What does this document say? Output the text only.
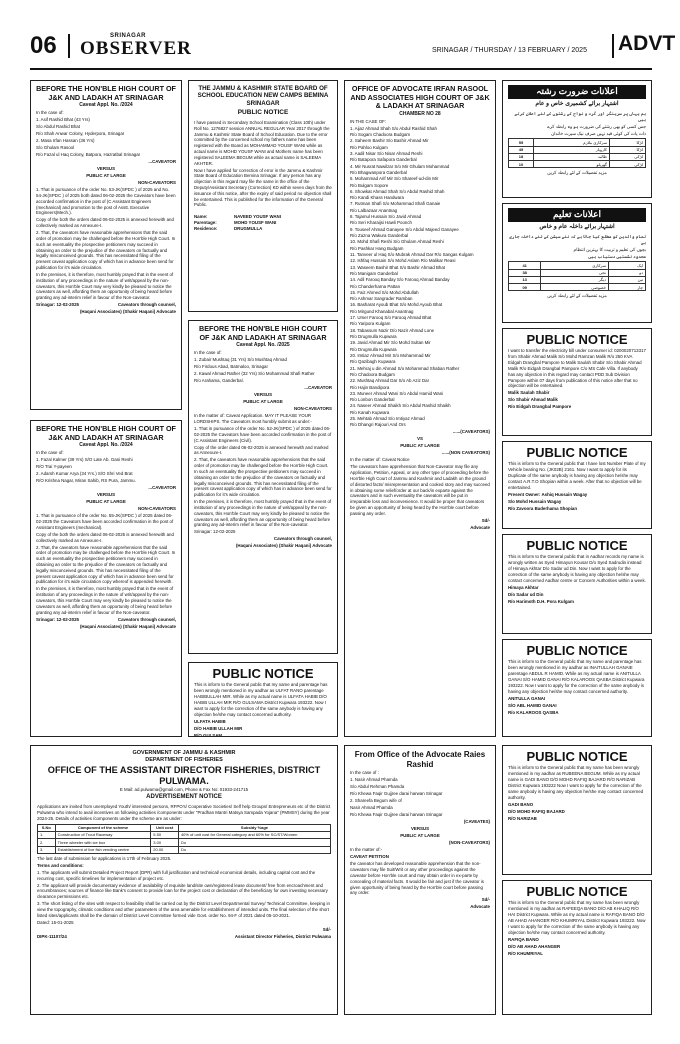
06	SRINAGAR
OBSERVER	SRINAGAR / THURSDAY / 13 FEBRUARY / 2025 ADVT
BEFORE THE HON'BLE HIGH COURT OF J&K AND LADAKH AT SRINAGAR
Caveat Appl. No. /2024

In the case of:

1. Asif Rashid Bhat (43 Yrs)

S/o Abdul Rashid Bhat

R/o Shah Anwar Colony, Hyderpora, Srinagar

2. Masa Irfan Hassan (36 Yrs)

S/o Ghulam Rasool

R/o Fazal ul Haq Colony, Batpora, Hazratbal Srinagar

...CAVEATOR

VERSUS

PUBLIC AT LARGE

NON-CAVEATORS

1. That in pursuance of the order No. 53-JK(SPDC ) of 2025 and No. 54-JK(SPDC ) of 2025 both dated 06-02-2025 the Caveators have been accorded confirmation in the post of (C Assistant Engineers (mechanical) and promotion to the post of Asstt. Executive Engineers(Mech.).

Copy of the both the orders dated 06-02-2025 is annexed herewith and collectively marked as Annexure-I.

2. That, the caveators have reasonable apprehensions that the said order of promotion may be challenged before the Hon'ble High Court. In such an eventuality the prospective petitioners may succeed in obtaining an order to the prejudice of the caveators on factually and legally misconceived grounds. This has necessitated filing of the present caveat application copy of which has in advance been send for publication for it's wide circulation.

In the premises, it is therefore, most humbly prayed that in the event of institution of any proceedings in the nature of writ/appeal by the non-caveators, this Hon'ble Court may very kindly be pleased to notice the caveators as well, affording them an opportunity of being heard before granting any ad-interim relief in favour of the Non-caveator.

Srinagar: 12-02-2025	Caveators through counsel,

(Haqani Associates) (Shakir Haqani) Advocate

BEFORE THE HON'BLE HIGH COURT OF J&K AND LADAKH AT SRINAGAR
Caveat Appl. No. /2024

In the case of:

1. Fazal Kalmer (39 Yrs) S/O Late Ab. Gani Reshi

R/O Trai Y-payeen

2. Adarsh Kumar Arya (34 Yrs.) S/O Shri Ved Brat

R/O Krishna Nagar, Miran Sahib, RS Pura, Jammu.

...CAVEATOR

VERSUS

PUBLIC AT LARGE

NON-CAVEATORS

1. That in pursuance of the order No. 55-JK(SPDC ) of 2025 dated 06-02-2025 the Caveators have been accorded confirmation in the post of Assistant Engineers (mechanical).

Copy of the both the orders dated 06-02-2025 is annexed herewith and collectively marked as Annexure-I.

2. That, the caveators have reasonable apprehensions that the said order of promotion may be challenged before the Hon'ble High Court. In such an eventuality the prospective petitioners may succeed in obtaining an order to the prejudice of the caveators on factually and legally misconceived grounds. This has necessitated filing of the present caveat application copy of which has in advance been send for publication for it's wide circulation copy whereof is appended herewith.

In the premises, it is therefore, most humbly prayed that in the event of institution of any proceedings in the nature of writ/appeal by the non-caveators, this Hon'ble Court may very kindly be pleased to notice the caveators as well, affording them an opportunity of being heard before granting any ad-interim relief in favour of the Non-caveator.

Srinagar: 12-02-2025	Caveators through counsel,

(Haqani Associates) (Shakir Haqani) Advocate

THE JAMMU & KASHMIR STATE BOARD OF SCHOOL EDUCATION NEW CAMPS BEMINA SRINAGAR
PUBLIC NOTICE

I have passed in Secondary School Examination (Class 10th) under Roll No. 1276827 session ANNUAL REGULAR Year 2017 through the Jammu & Kashmir State Board of School Education. Due to the error committed by the concerned school my fathers name has been registered with the Board as MOHAMMAD YOUSF WANI while as actual name is MOHD YOUSF WANI and Mothers name has been registered SALEEMA BEGUM while as actual name is SALEEMA AKHTER.

Now I have applied for correction of error in the Jammu & Kashmir State Board of Education Bemina Srinagar. If any person has any objection in this regard may file the same in the office of the Deputy/Assistant Secretary (Correction) KD within seven days from the issuance of this notice, after the expiry of said period no objection shall be entertained. This is published for the information of the General Public.

Name:	NAVEED YOUSF WANI
Parentage:	MOHD YOUSF WANI
Residence:	DRUGMULLA
BEFORE THE HON'BLE HIGH COURT OF J&K AND LADAKH AT SRINAGAR
Caveat Appl. No. /2025

In the case of:

1. Zubair Mushtaq (31 Yrs) S/o Mushtaq Ahmad

R/o Firdous Abad, Batmaloo, Srinagar

2. Kawal Ahmad Rather (32 Yrs) S/o Mohammad Shafi Rather

R/o Arahama, Ganderbal.

...CAVEATOR

VERSUS

PUBLIC AT LARGE

NON-CAVEATORS

In the matter of: Caveat Application. MAY IT PLEASE YOUR LORDSHIPS. The Caveators most humbly submit as under:-

1. That in pursuance of the order No. 52-JK(SPDC ) of 2025 dated 06-02-2025 the Caveators have been accorded confirmation in the post of (C Assistant Engineers (Civil).

Copy of the order dated 06-02-2025 is annexed herewith and marked as Annexure-I.

2. That, the caveators have reasonable apprehensions that the said order of promotion may be challenged before the Hon'ble High Court. In such an eventuality the prospective petitioners may succeed in obtaining an order to the prejudice of the caveators on factually and legally misconceived grounds. This has necessitated filing of the present caveat application copy of which has in advance been send for publication for it's wide circulation.

In the premises, it is therefore, most humbly prayed that in the event of institution of any proceedings in the nature of writ/appeal by the non-caveators, this Hon'ble Court may very kindly be pleased to notice the caveators as well, affording them an opportunity of being heard before granting any ad-interim relief in favour of the Non-caveator.

Srinagar: 12-02-2025

Caveators through counsel,

(Haqani Associates) (Shakir Haqani) Advocate

PUBLIC NOTICE

This is inform to the General public that my name and parentage has been wrongly mentioned in my aadhar as ULFAT RANO parentage HABIBULLAH MIR. While as my actual name is ULFATA HABIB D/O HABIB ULLAH MIR R/O GULSAMA District Kupwara 193222. Now I want to apply for the correction of the same anybody is having any objection he/she may contact concerned authority.

ULFATA HABIB

D/O HABIB ULLAH MIR

R/O GULSAM

OFFICE OF ADVOCATE IRFAN RASOOL AND ASSOCIATES HIGH COURT OF J&K & LADAKH AT SRINAGAR
CHAMBER NO 28

IN THE CASE OF:

1. Aijaz Ahmad Shah S/o Abdul Rashid Shah

R/o Sogam Chadoora Budgam

2. Saheem Bashir S/o Bashir Ahmad Mir

R/o Pahloo Kulgam

3. Aadil Nisar S/o Nisar Ahmad Reshi

R/o Batapora Safapora Ganderbal

4. Mir Nusrat Nawilzar S/o Mir Ghulam Mohammad

R/o Bhagwanpora Ganderbal

5. Mohammad Arif Mir S/o Shareef-ud-din Mir

R/o Bulgam Sopore

6. Showkat Ahmad Shah S/o Abdul Rashid Shah

R/o Kandi Khass Handwara

7. Rutman Shafi S/o Mohammad Shafi Ganaie

R/o Lalbazaar Anantnag

8. Tajamul Hussain S/o Javid Ahmad

R/o Seri Kharaijsi Hawli Poonch

9. Touseef Ahmad Ganayee S/o Abdul Majeed Ganayee

R/o Zazna Wakura Ganderbal

10. Mohd Shafi Reshi S/o Ghulam Ahmad Reshi

R/o Pashkar Hang Budgam

11. Tanveer ul Haq S/o Mubrak Ahmad Dar R/o Sangas Kulgam

12. Ishfaq Hussain S/o Mohd Aslam R/o Malikar Reasi

13. Waseem Bashir Bhat S/o Bashir Ahmad Bhat

R/o Manigam Ganderbal

14. Adil Farooq Banday S/o Farooq Ahmad Banday

R/o Chanderharna Pattan

15. Faiz Ahmed S/o Mohd Abdullah

R/o Ashmar Sangrader Ramban

16. Basharat Ayoub Bhat S/o Mohd Ayoub Bhat

R/o Mirgund Khanabal Anantnag

17. Umer Farooq S/o Farooq Ahmad Bhat

R/o Yaripora Kulgam

18. Tabassum Nazir D/o Nazir Ahmad Lone

R/o Drugmulla Kupwara

19. Javid Ahmad Mir S/o Mohd Sultan Mir

R/o Drugmulla Kupwara

20. Imtiaz Ahmad Mir S/o Mohammad Mir

R/o Qazibagh Kupwara

21. Mehraj u din Ahmad S/o Mohammad Shaban Rather

R/o Chadoora Budgam

22. Mushtaq Ahmad Dar S/o Ab Aziz Dar

R/o Hajin Bandipora

23. Muneer Ahmad Wani S/o Abdul Hamid Wani

R/o Lonbon Ganderbal

24. Naseer Ahmad Shaikh S/o Abdul Rashid Shaikh

R/o Kanah Kupwara

25. Mehtab Ahmad S/o Imtiyaz Ahmad

R/o Dhangri Rajouri And Ors

......(CAVEATORS)

VS

PUBLIC AT LARGE

......(NON CAVEATORS)

In the matter of: Caveat Notice

The caveators have apprehension that Non-Caveator may file any Application, Petition, Appeal, or any other type of proceeding before the Hon'ble High Court of Jammu and Kashmir and Ladakh on the ground of distorted facts/ misrepresentation and cooked story and may succeed in obtaining some relief/order at our back/in exparte against the caveators and in such eventuality the caveators will be put in irreparable loss and inconvenience. It would be proper that caveators be given an opportunity of being heard by the Hon'ble court before passing any order.

Sd/-

Advocate

From Office of the Advocate Raies Rashid

In the case of :

1. Nasir Ahmad Phamda

S/o Abdul Rehman Phamda

R/o Khewa Faqir Gujjree darai harwan Srinagar

2. Shareefa Begum wife of

Nasir Ahmad Phamda

R/o Khewa Faqir Gujjree darai harwan Srinagar

(CAVEATES)

VERSUS

PUBLIC AT LARGE

(NON-CAVEATORS)

In the matter of:-

CAVEAT PETITION

the caveator has developed reasonable apprehension that the non-caveators may file Suit/Writ or any other proceedings against the caveator before Hon'ble court and may obtain order in ex-parte by concealing of material facts. It would be fair and just if the caveator is given opportunity of being heard by the Hon'ble court before passing any order.

Sd/-

Advocate

اعلانات ضرورت رشتہ
اشتہار برائے کشمیری خاص و عام

ہم یہاں پر سرینگر اور گرد و نواح کے رشتوں کے لئے اعلان کرتے ہیں

جس کسی کو بھی رشتے کی ضرورت ہو وہ رابطہ کرے

ذات پات کی کوئی قید نہیں صرف نیک سیرت خاندان

لڑکا	سرکاری ملازم	55
لڑکا	کاروبار	49
لڑکی	طالبہ	18
لڑکی	گھریلو	10

مزید تفصیلات کے لئے رابطہ کریں

اعلانات تعلیم
اشتہار برائے داخلہ عام و خاص

تمام والدین کو مطلع کیا جاتا ہے کہ نئے سیشن کے لئے داخلہ جاری ہے

بچوں کی تعلیم و تربیت کا بہترین انتظام

محدود نشستیں دستیاب ہیں

ایک	سرکاری	41
دو	نجی	38
تین	دیگر	13
چار	خصوصی	09

مزید تفصیلات کے لئے رابطہ کریں

PUBLIC NOTICE

I want to transfer the electricity bill under consumer id: 0200020713317 from Shabir Ahmad Malik S/o Mohd Ramzan Malik R/o 250 KVA Eidgah Drangbal Pampore to Malik Saulah Shabir S/o Shabir Ahmad Malik R/o Eidgah Drangbal Pampore C/o MS Cafe Villa. If anybody has any objection in this regard may contact PDD Sub Division Pampore within 07 days from publication of this notice after that no objection will be entertained.

Malik Saulah Shabir

S/o Shabir Ahmad Malik

R/o Eidgah Drangbal Pampore

PUBLIC NOTICE

This is inform to the General public that I have lost Number Plate of my Vehicle bearing No. (JK02B) 2161. Now I want to apply for its Duplicate of the same anybody is having any objection he/she may contact A.R.T.O Shopian within a week. After that no objection will be entertained.

Present Owner: Ashiq Hussain Wagay

S/o Mohd Hussain Wagay

R/o Zavoora Baderhama Shopian

PUBLIC NOTICE

This is inform to the General public that in Aadhar records my name is wrongly written as Syed Himayun Kousar D/o Syed Sadrudin instead of Himaya Akhtar D/o Sadar ud Din. Now I want to apply for the correction of the same anybody is having any objection he/she may contact concerned Aadhar centre or Concern Authorities within a week.

Himaya Akhtar

D/o Sadar ud Din

R/o Harimoth D.H. Pora Kulgam

PUBLIC NOTICE

This is inform to the General public that my name and parentage has been wrongly mentioned in my aadhar as INAITULLAH GANAIE parentage ABDUL R HAMID. While as my actual name is ANITULLA GANAI S/O HAMID GANAI R/O KALAROOS QASBA District Kupwara 193222. Now I want to apply for the correction of the same anybody is having any objection he/she may contact concerned authority.

ANITULLA GANAI

S/O ABL HAMID GANAI

R/o KALAROOS QASBA

PUBLIC NOTICE

This is inform to the General public that my name has been wrongly mentioned in my aadhar as RUBEENA BEGUM. While as my actual name is GADI BANO D/O MOHD RAFIQ BAJARD R/O NARIZAB District Kupwara 193222 Now I want to apply for the correction of the same anybody is having any objection he/she may contact concerned authority.

GADI BANO

D/O MOHD RAFIQ BAJARD

R/O NARIZAB

PUBLIC NOTICE

This is inform to the General public that my name has been wrongly mentioned in my aadhar as RAFEEQA BANO D/O AB KHALIQ R/O HAI District Kupwara. While as my actual name is RAFIQA BANO D/O AB AHAD AHANGER R/O KHUMRIYAL District Kupwara 193222. Now I want to apply for the correction of the same anybody is having any objection he/she may contact concerned authority.

RAFIQA BANO

D/O AB AHAD AHANGER

R/O KHUMRIYAL

GOVERNMENT OF JAMMU & KASHMIR
DEPARTMENT OF FISHERIES
OFFICE OF THE ASSISTANT DIRECTOR FISHERIES, DISTRICT PULWAMA.
E Mail: ad.pulwama@gmail.com, Phone & Fax No: 01933-241715
ADVERTISEMENT NOTICE

Applications are invited from unemployed Youth/ interested persons, RFPO's/ Cooperative Societies/ Self help Groups/ Entrepreneurs etc of the District Pulwama who intend to avail incentives on following activities /components under "Pradhan Mantri Matsya Sampada Yojana" (PMMSY) during the year 2024-25. Details of activities /components under the scheme are as under:

S.No	Component of the scheme	Unit cost	Subsidy %age
1.	Construction of Trout Raceway	5.50	40% of unit cost for General category and 60% for SC/ST/Women
2.	Three wheeler with ice box	3.00	Do
3.	Establishment of live fish vending centre	20.00	Do

The last date of submission for applications is 17th of February 2025.

Terms and conditions:

1. The applicants will submit Detailed Project Report (DPR) with full justification and technical/ economical details, including capital cost and the recurring cost, specific timelines for implementation of project etc.

2. The applicant will provide documentary evidence of availability of requisite land/site own/registered lease document/ free from encroachment and encumbrances; sources of finance like Bank's consent to provide loan for the project cost or declaration of the beneficiary for own investing necessary clearance permissions etc.

3. The short listing of the sites with respect to feasibility shall be carried out by the District Level Departmental Survey/ Technical Committee, keeping in view the topography, climatic conditions and other parameters of the area amenable for establishment of intended units. The final selection of the short listed sites/applicants shall be the domain of District Level Committee formed vide Govt. order No. 94-F of 2021 dated 05-10-2021.

Dated: 15-01-2025

Sd/-

DIPK-11107/24	Assistant Director Fisheries, District Pulwama
